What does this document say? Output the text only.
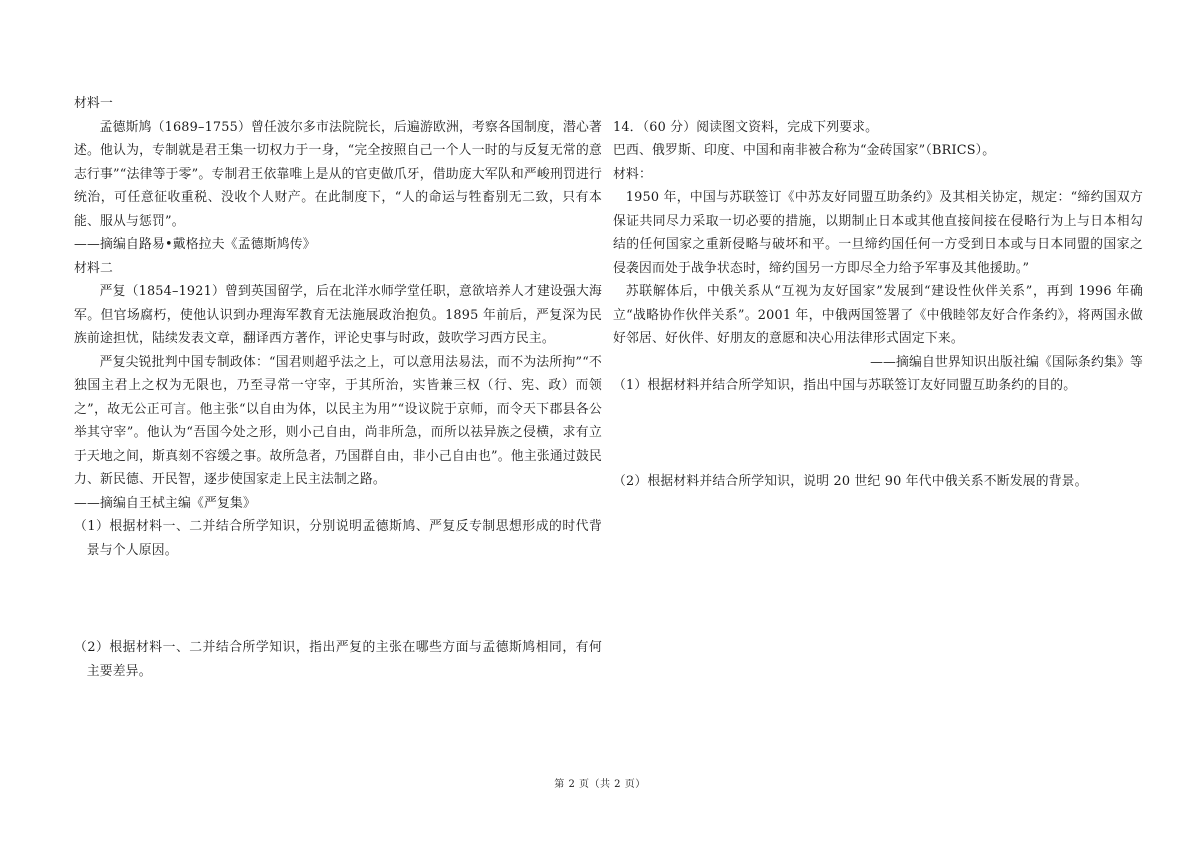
材料一

孟德斯鸠（1689–1755）曾任波尔多市法院院长，后遍游欧洲，考察各国制度，潜心著述。他认为，专制就是君王集一切权力于一身，“完全按照自己一个人一时的与反复无常的意志行事”“法律等于零”。专制君王依靠唯上是从的官吏做爪牙，借助庞大军队和严峻刑罚进行统治，可任意征收重税、没收个人财产。在此制度下，“人的命运与牲畜别无二致，只有本能、服从与惩罚”。

——摘编自路易•戴格拉夫《孟德斯鸠传》

材料二

严复（1854–1921）曾到英国留学，后在北洋水师学堂任职，意欲培养人才建设强大海军。但官场腐朽，使他认识到办理海军教育无法施展政治抱负。1895 年前后，严复深为民族前途担忧，陆续发表文章，翻译西方著作，评论史事与时政，鼓吹学习西方民主。

严复尖锐批判中国专制政体：“国君则超乎法之上，可以意用法易法，而不为法所拘”“不独国主君上之权为无限也，乃至寻常一守宰，于其所治，实皆兼三权（行、宪、政）而领之”，故无公正可言。他主张“以自由为体，以民主为用”“设议院于京师，而令天下郡县各公举其守宰”。他认为“吾国今处之形，则小己自由，尚非所急，而所以祛异族之侵横，求有立于天地之间，斯真刻不容缓之事。故所急者，乃国群自由，非小己自由也”。他主张通过鼓民力、新民德、开民智，逐步使国家走上民主法制之路。

——摘编自王栻主编《严复集》

（1）根据材料一、二并结合所学知识，分别说明孟德斯鸠、严复反专制思想形成的时代背景与个人原因。

（2）根据材料一、二并结合所学知识，指出严复的主张在哪些方面与孟德斯鸠相同，有何主要差异。

14．（60 分）阅读图文资料，完成下列要求。

巴西、俄罗斯、印度、中国和南非被合称为“金砖国家”（BRICS）。

材料：

1950 年，中国与苏联签订《中苏友好同盟互助条约》及其相关协定，规定：“缔约国双方保证共同尽力采取一切必要的措施，以期制止日本或其他直接间接在侵略行为上与日本相勾结的任何国家之重新侵略与破坏和平。一旦缔约国任何一方受到日本或与日本同盟的国家之侵袭因而处于战争状态时，缔约国另一方即尽全力给予军事及其他援助。”

苏联解体后，中俄关系从“互视为友好国家”发展到“建设性伙伴关系”，再到 1996 年确立“战略协作伙伴关系”。2001 年，中俄两国签署了《中俄睦邻友好合作条约》，将两国永做好邻居、好伙伴、好朋友的意愿和决心用法律形式固定下来。

——摘编自世界知识出版社编《国际条约集》等

（1）根据材料并结合所学知识，指出中国与苏联签订友好同盟互助条约的目的。

（2）根据材料并结合所学知识，说明 20 世纪 90 年代中俄关系不断发展的背景。

第 2 页（共 2 页）
